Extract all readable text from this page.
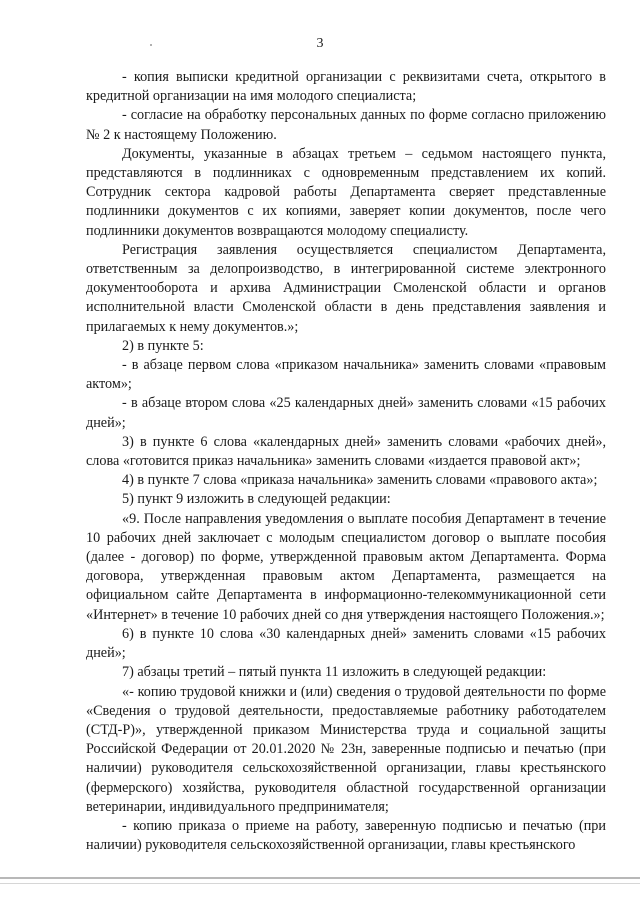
3

- копия выписки кредитной организации с реквизитами счета, открытого в кредитной организации на имя молодого специалиста;

- согласие на обработку персональных данных по форме согласно приложению № 2 к настоящему Положению.

Документы, указанные в абзацах третьем – седьмом настоящего пункта, представляются в подлинниках с одновременным представлением их копий. Сотрудник сектора кадровой работы Департамента сверяет представленные подлинники документов с их копиями, заверяет копии документов, после чего подлинники документов возвращаются молодому специалисту.

Регистрация заявления осуществляется специалистом Департамента, ответственным за делопроизводство, в интегрированной системе электронного документооборота и архива Администрации Смоленской области и органов исполнительной власти Смоленской области в день представления заявления и прилагаемых к нему документов.»;

2) в пункте 5:

- в абзаце первом слова «приказом начальника» заменить словами «правовым актом»;

- в абзаце втором слова «25 календарных дней» заменить словами «15 рабочих дней»;

3) в пункте 6 слова «календарных дней» заменить словами «рабочих дней», слова «готовится приказ начальника» заменить словами «издается правовой акт»;

4) в пункте 7 слова «приказа начальника» заменить словами «правового акта»;

5) пункт 9 изложить в следующей редакции:

«9. После направления уведомления о выплате пособия Департамент в течение 10 рабочих дней заключает с молодым специалистом договор о выплате пособия (далее - договор) по форме, утвержденной правовым актом Департамента. Форма договора, утвержденная правовым актом Департамента, размещается на официальном сайте Департамента в информационно-телекоммуникационной сети «Интернет» в течение 10 рабочих дней со дня утверждения настоящего Положения.»;

6) в пункте 10 слова «30 календарных дней» заменить словами «15 рабочих дней»;

7) абзацы третий – пятый пункта 11 изложить в следующей редакции:

«- копию трудовой книжки и (или) сведения о трудовой деятельности по форме «Сведения о трудовой деятельности, предоставляемые работнику работодателем (СТД-Р)», утвержденной приказом Министерства труда и социальной защиты Российской Федерации от 20.01.2020 № 23н, заверенные подписью и печатью (при наличии) руководителя сельскохозяйственной организации, главы крестьянского (фермерского) хозяйства, руководителя областной государственной организации ветеринарии, индивидуального предпринимателя;

- копию приказа о приеме на работу, заверенную подписью и печатью (при наличии) руководителя сельскохозяйственной организации, главы крестьянского
